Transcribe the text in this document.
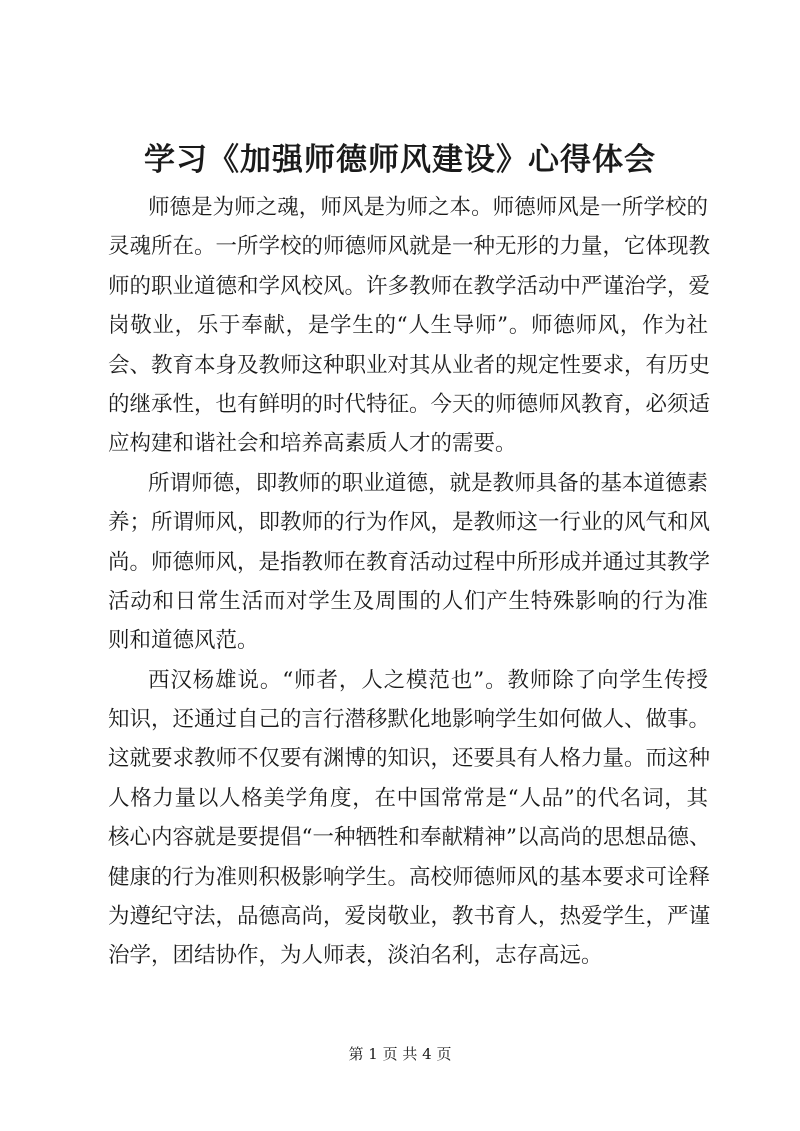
学习《加强师德师风建设》心得体会
师德是为师之魂，师风是为师之本。师德师风是一所学校的
灵魂所在。一所学校的师德师风就是一种无形的力量，它体现教
师的职业道德和学风校风。许多教师在教学活动中严谨治学，爱
岗敬业，乐于奉献，是学生的“人生导师”。师德师风，作为社
会、教育本身及教师这种职业对其从业者的规定性要求，有历史
的继承性，也有鲜明的时代特征。今天的师德师风教育，必须适
应构建和谐社会和培养高素质人才的需要。
所谓师德，即教师的职业道德，就是教师具备的基本道德素
养；所谓师风，即教师的行为作风，是教师这一行业的风气和风
尚。师德师风，是指教师在教育活动过程中所形成并通过其教学
活动和日常生活而对学生及周围的人们产生特殊影响的行为准
则和道德风范。
西汉杨雄说。“师者，人之模范也”。教师除了向学生传授
知识，还通过自己的言行潜移默化地影响学生如何做人、做事。
这就要求教师不仅要有渊博的知识，还要具有人格力量。而这种
人格力量以人格美学角度，在中国常常是“人品”的代名词，其
核心内容就是要提倡“一种牺牲和奉献精神”以高尚的思想品德、
健康的行为准则积极影响学生。高校师德师风的基本要求可诠释
为遵纪守法，品德高尚，爱岗敬业，教书育人，热爱学生，严谨
治学，团结协作，为人师表，淡泊名利，志存高远。
第 1 页 共 4 页
